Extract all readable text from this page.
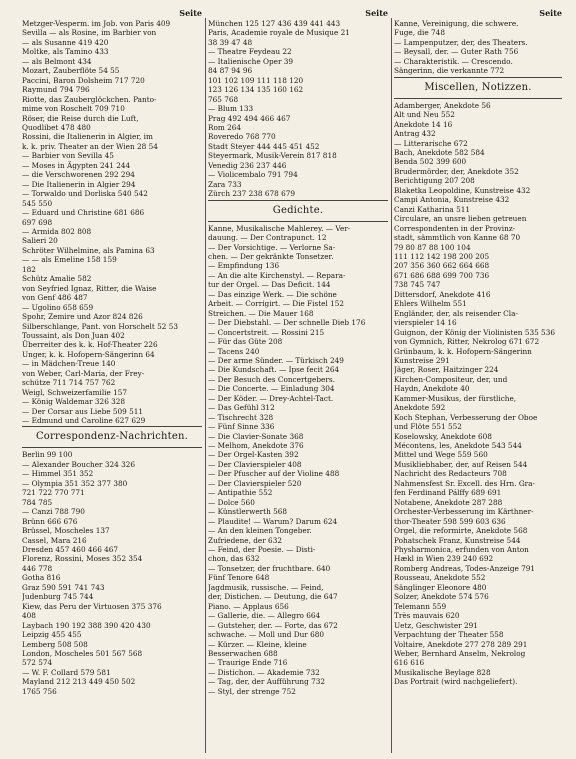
Seite
Metzger-Vesperm. im Job. von Paris 409
Sevilla — als Rosine, im Barbier von
— als Susanne 419 420
Moltke, als Tamino 433
— als Belmont 434
Mozart, Zauberflöte 54 55
Paccini, Baron Dolsheim 717 720
Raymund 794 796
Riotte, das Zauberglöckchen. Panto-
mime von Roschelt 709 710
Röser, die Reise durch die Luft,
Quodlibet 478 480
Rossini, die Italienerin in Algier, im
k. k. priv. Theater an der Wien 28 54
— Barbier von Sevilla 45
— Moses in Ägypten 241 244
— die Verschworenen 292 294
— Die Italienerin in Algier 294
— Torwaldo und Dorliska 540 542
545 550
— Eduard und Christine 681 686
697 698
— Armida 802 808
Salieri 20
Schröter Wilhelmine, als Pamina 63
— — als Emeline 158 159
182
Schütz Amalie 582
von Seyfried Ignaz, Ritter, die Waise
von Genf 486 487
— Ugolino 658 659
Spohr, Zemire und Azor 824 826
Silberschlange, Pant. von Horschelt 52 53
Toussaint, als Don Juan 402
Überreiter des k. k. Hof-Theater 226
Unger, k. k. Hofopern-Sängerinn 64
— in Mädchen-Treue 140
von Weber, Carl-Maria, der Frey-
schütze 711 714 757 762
Weigl, Schweizerfamilie 157
— König Waldemar 326 328
— Der Corsar aus Liebe 509 511
— Edmund und Caroline 627 629
Correspondenz-Nachrichten.
Berlin 99 100
— Alexander Boucher 324 326
— Himmel 351 352
— Olympia 351 352 377 380
721 722 770 771
784 785
— Canzi 788 790
Brünn 666 676
Brüssel, Moscheles 137
Cassel, Mara 216
Dresden 457 460 466 467
Florenz, Rossini, Moses 352 354
446 778
Gotha 816
Graz 590 591 741 743
Judenburg 745 744
Kiew, das Peru der Virtuosen 375 376
408
Laybach 190 192 388 390 420 430
Leipzig 455 455
Lemberg 508 508
London, Moscheles 501 567 568
572 574
— W. F. Collard 579 581
Mayland 212 213 449 450 502
1765 756
Seite
München 125 127 436 439 441 443
Paris, Academie royale de Musique 21
38 39 47 48
— Theatre Feydeau 22
— Italienische Oper 39
84 87 94 96
101 102 109 111 118 120
123 126 134 135 160 162
765 768
— Blum 133
Prag 492 494 466 467
Rom 264
Roveredo 768 770
Stadt Steyer 444 445 451 452
Steyermark, Musik-Verein 817 818
Venedig 236 237 446
— Violicembalo 791 794
Zara 733
Zürch 237 238 678 679
Gedichte.
Kanne, Musikalische Mahlerey. — Ver-
dauung. — Der Contrapunct. 12
— Der Vorsichtige. — Verlorne Sa-
chen. — Der gekränkte Tonsetzer.
— Empfindung 136
— An die alte Kirchenstyl. — Repara-
tur der Orgel. — Das Deficit. 144
— Das einzige Werk. — Die schöne
Arbeit. — Corrigirt. — Die Fistel 152
Streichen. — Die Mauer 168
— Der Diebstahl. — Der schnelle Dieb 176
— Concertstreit. — Rossini 215
— Für das Güte 208
— Tacens 240
— Der arme Sünder. — Türkisch 249
— Die Kundschaft. — Ipse fecit 264
— Der Besuch des Concertgebers.
— Die Concerte. — Einladung 304
— Der Köder. — Drey-Achtel-Tact.
— Das Gefühl 312
— Tischrecht 328
— Fünf Sinne 336
— Die Clavier-Sonate 368
— Melhom, Anekdote 376
— Der Orgel-Kasten 392
— Der Clavierspieler 408
— Der Pfuscher auf der Violine 488
— Der Clavierspieler 520
— Antipathie 552
— Dolce 560
— Künstlerwerth 568
— Plaudite! — Warum? Darum 624
— An den kleinen Tongeber.
Zufriedene, der 632
— Feind, der Poesie. — Disti-
chon, das 632
— Tonsetzer, der fruchtbare. 640
Fünf Tenore 648
Jagdmusik, russische. — Feind,
der, Distichen. — Deutung, die 647
Piano. — Applaus 656
— Gallerie, die. — Allegro 664
— Gutsteher, der. — Forte, das 672
schwache. — Moll und Dur 680
— Kürzer. — Kleine, kleine
Besserwachen 688
— Traurige Ende 716
— Distichon. — Akademie 732
— Tag, der, der Aufführung 732
— Styl, der strenge 752
Seite
Kanne, Vereinigung, die schwere.
Fuge, die 748
— Lampenputzer, der, des Theaters.
— Beysall, der. — Guter Rath 756
— Charakteristik. — Crescendo.
Sängerinn, die verkannte 772
Miscellen, Notizzen.
Adamberger, Anekdote 56
Alt und Neu 552
Anekdote 14 16
Antrag 432
— Litterarische 672
Bach, Anekdote 582 584
Benda 502 399 600
Brudermörder, der, Anekdote 352
Berichtigung 207 208
Blaketka Leopoldine, Kunstreise 432
Campi Antonia, Kunstreise 432
Canzi Katharina 511
Circulare, an unsre lieben getreuen
Correspondenten in der Provinz-
stadt, sämmtlich von Kanne 68 70
79 80 87 88 100 104
111 112 142 198 200 205
207 356 360 662 664 668
671 686 688 699 700 736
738 745 747
Dittersdorf, Anekdote 416
Ehlers Wilhelm 551
Engländer, der, als reisender Cla-
vierspieler 14 16
Guignon, der König der Violinisten 535 536
von Gymnich, Ritter, Nekrolog 671 672
Grünbaum, k. k. Hofopern-Sängerinn
Kunstreise 291
Jäger, Roser, Haitzinger 224
Kirchen-Compositeur, der, und
Haydn, Anekdote 40
Kammer-Musikus, der fürstliche,
Anekdote 592
Koch Stephan, Verbesserung der Oboe
und Flöte 551 552
Koselowsky, Anekdote 608
Mécontens, les, Anekdote 543 544
Mittel und Wege 559 560
Musikliebhaber, der, auf Reisen 544
Nachricht des Redacteurs 708
Nahmensfest Sr. Excell. des Hrn. Gra-
fen Ferdinand Pálffy 689 691
Notabene, Anekdote 287 288
Orchester-Verbesserung im Kärthner-
thor-Theater 598 599 603 636
Orgel, die reformirte, Anekdote 568
Pohatschek Franz, Kunstreise 544
Physharmonica, erfunden von Anton
Hækl in Wien 239 240 692
Romberg Andreas, Todes-Anzeige 791
Rousseau, Anekdote 552
Sänglinger Eleonore 480
Solzer, Anekdote 574 576
Telemann 559
Très mauvais 620
Uetz, Geschwister 291
Verpachtung der Theater 558
Voltaire, Anekdote 277 278 289 291
Weber, Bernhard Anselm, Nekrolog
616 616
Musikalische Beylage 828
Das Portrait (wird nachgeliefert).
